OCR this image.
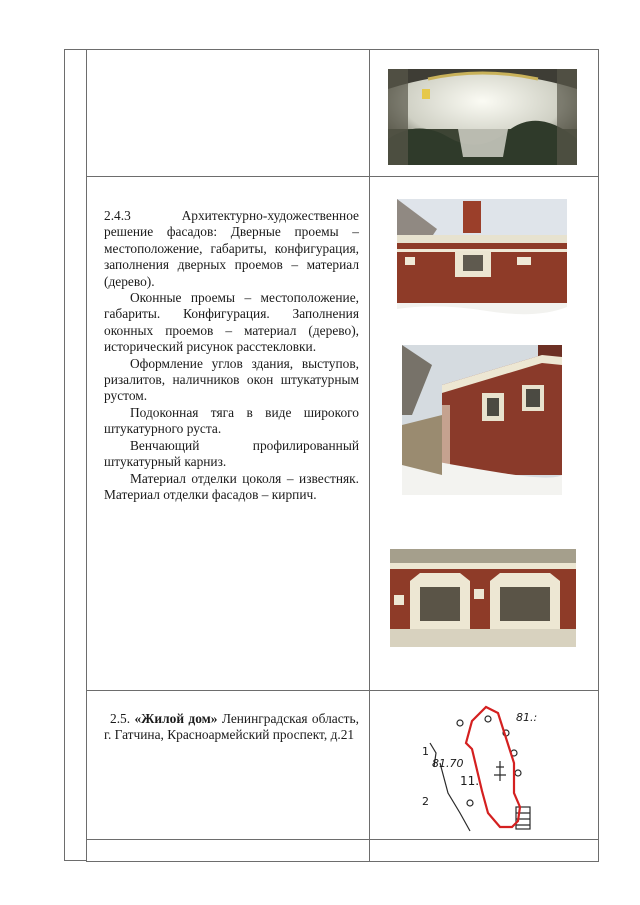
2.4.3	Архитектурно-художественное решение фасадов: Дверные проемы – местоположение, габариты, конфигурация, заполнения дверных проемов – материал (дерево).

Оконные проемы – местоположение, габариты. Конфигурация. Заполнения оконных проемов – материал (дерево), исторический рисунок расстекловки.

Оформление углов здания, выступов, ризалитов, наличников окон штукатурным рустом.

Подоконная тяга в виде широкого штукатурного руста.

Венчающий профилированный штукатурный карниз.

Материал отделки цоколя – известняк. Материал отделки фасадов – кирпич.

2.5. «Жилой дом» Ленинградская область, г. Гатчина, Красноармейский проспект, д.21

81.:
81.70
11.
1
2
